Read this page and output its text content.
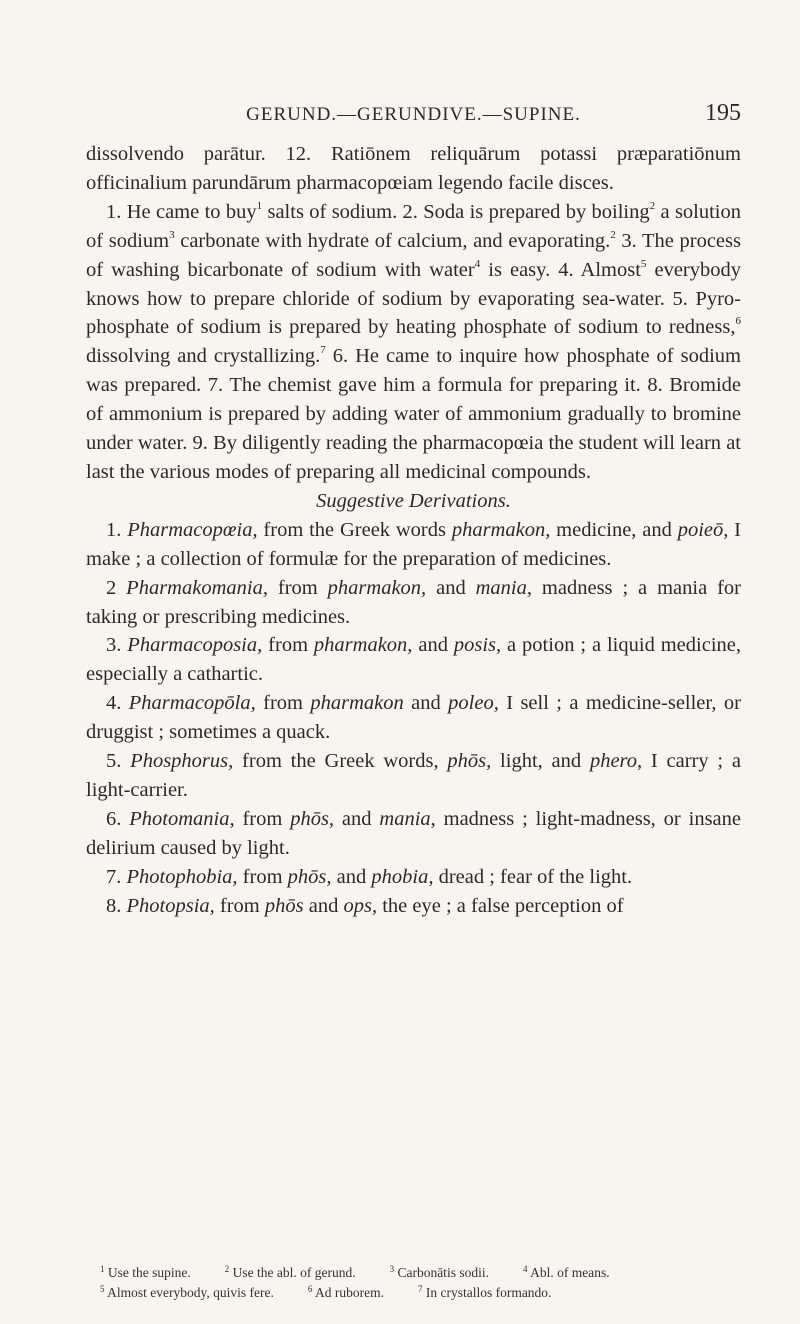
GERUND.—GERUNDIVE.—SUPINE.	195

dissolvendo parātur. 12. Ratiōnem reliquārum potassi præparatiōnum officinalium parundārum pharmacopœiam legendo facile disces.

1. He came to buy$^1$ salts of sodium. 2. Soda is prepared by boiling$^2$ a solution of sodium$^3$ carbonate with hydrate of calcium, and evaporating.$^2$ 3. The process of washing bicarbonate of sodium with water$^4$ is easy. 4. Almost$^5$ everybody knows how to prepare chloride of sodium by evaporating sea-water. 5. Pyrophosphate of sodium is prepared by heating phosphate of sodium to redness,$^6$ dissolving and crystallizing.$^7$ 6. He came to inquire how phosphate of sodium was prepared. 7. The chemist gave him a formula for preparing it. 8. Bromide of ammonium is prepared by adding water of ammonium gradually to bromine under water. 9. By diligently reading the pharmacopœia the student will learn at last the various modes of preparing all medicinal compounds.

Suggestive Derivations.

1. Pharmacopœia, from the Greek words pharmakon, medicine, and poieō, I make ; a collection of formulæ for the preparation of medicines.

2 Pharmakomania, from pharmakon, and mania, madness ; a mania for taking or prescribing medicines.

3. Pharmacoposia, from pharmakon, and posis, a potion ; a liquid medicine, especially a cathartic.

4. Pharmacopōla, from pharmakon and poleo, I sell ; a medicine-seller, or druggist ; sometimes a quack.

5. Phosphorus, from the Greek words, phōs, light, and phero, I carry ; a light-carrier.

6. Photomania, from phōs, and mania, madness ; light-madness, or insane delirium caused by light.

7. Photophobia, from phōs, and phobia, dread ; fear of the light.

8. Photopsia, from phōs and ops, the eye ; a false perception of

$^1$ Use the supine.	$^2$ Use the abl. of gerund.	$^3$ Carbonātis sodii.	$^4$ Abl. of means.
$^5$ Almost everybody, quivis fere.	$^6$ Ad ruborem.	$^7$ In crystallos formando.
